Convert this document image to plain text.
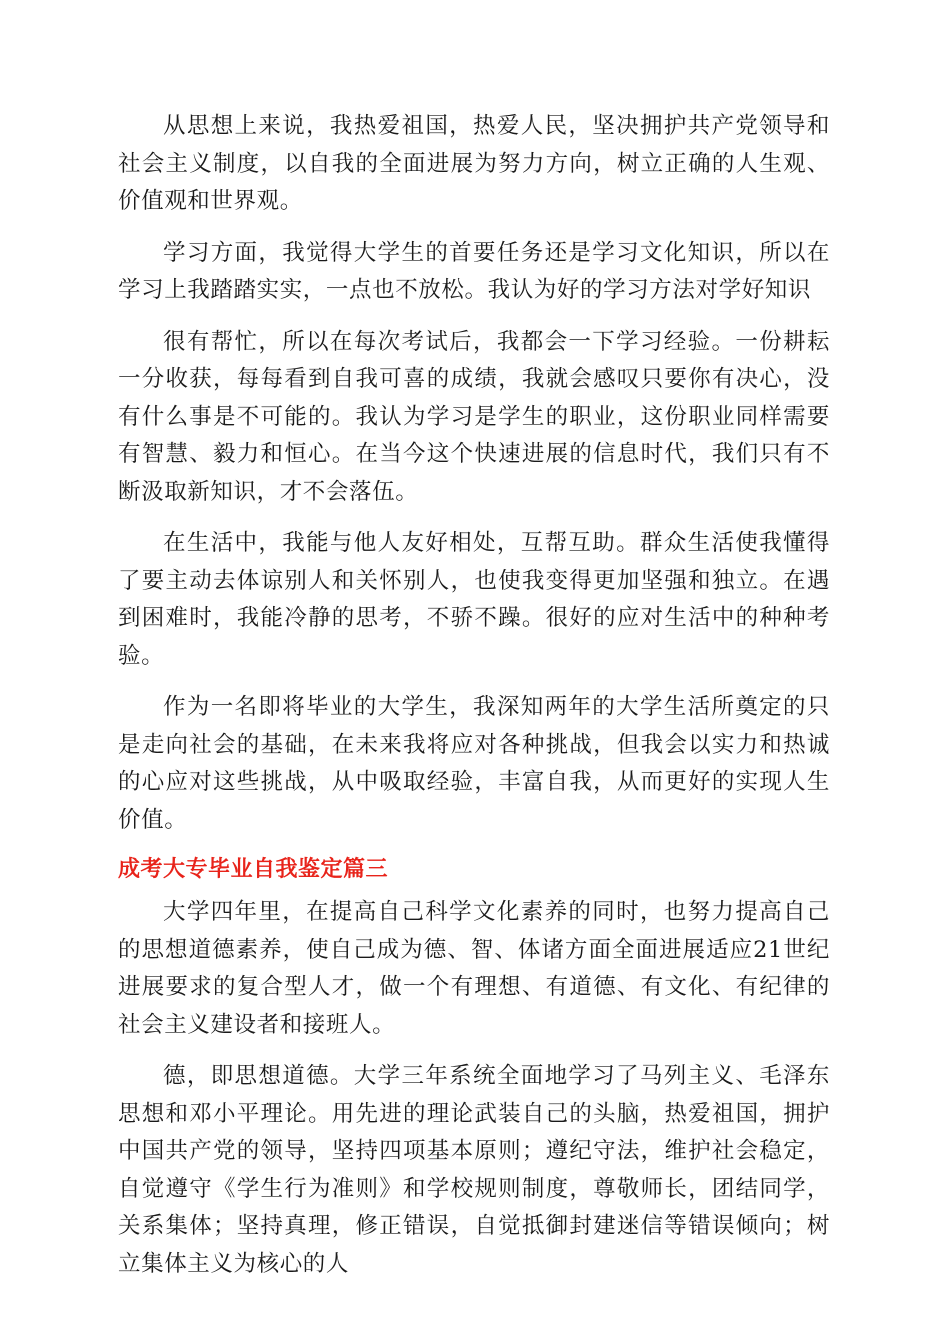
从思想上来说，我热爱祖国，热爱人民，坚决拥护共产党领导和社会主义制度，以自我的全面进展为努力方向，树立正确的人生观、价值观和世界观。

学习方面，我觉得大学生的首要任务还是学习文化知识，所以在学习上我踏踏实实，一点也不放松。我认为好的学习方法对学好知识

很有帮忙，所以在每次考试后，我都会一下学习经验。一份耕耘一分收获，每每看到自我可喜的成绩，我就会感叹只要你有决心，没有什么事是不可能的。我认为学习是学生的职业，这份职业同样需要有智慧、毅力和恒心。在当今这个快速进展的信息时代，我们只有不断汲取新知识，才不会落伍。

在生活中，我能与他人友好相处，互帮互助。群众生活使我懂得了要主动去体谅别人和关怀别人，也使我变得更加坚强和独立。在遇到困难时，我能冷静的思考，不骄不躁。很好的应对生活中的种种考验。

作为一名即将毕业的大学生，我深知两年的大学生活所奠定的只是走向社会的基础，在未来我将应对各种挑战，但我会以实力和热诚的心应对这些挑战，从中吸取经验，丰富自我，从而更好的实现人生价值。

成考大专毕业自我鉴定篇三

大学四年里，在提高自己科学文化素养的同时，也努力提高自己的思想道德素养，使自己成为德、智、体诸方面全面进展适应21世纪进展要求的复合型人才，做一个有理想、有道德、有文化、有纪律的社会主义建设者和接班人。

德，即思想道德。大学三年系统全面地学习了马列主义、毛泽东思想和邓小平理论。用先进的理论武装自己的头脑，热爱祖国，拥护中国共产党的领导，坚持四项基本原则；遵纪守法，维护社会稳定，自觉遵守《学生行为准则》和学校规则制度，尊敬师长，团结同学，关系集体；坚持真理，修正错误，自觉抵御封建迷信等错误倾向；树立集体主义为核心的人
